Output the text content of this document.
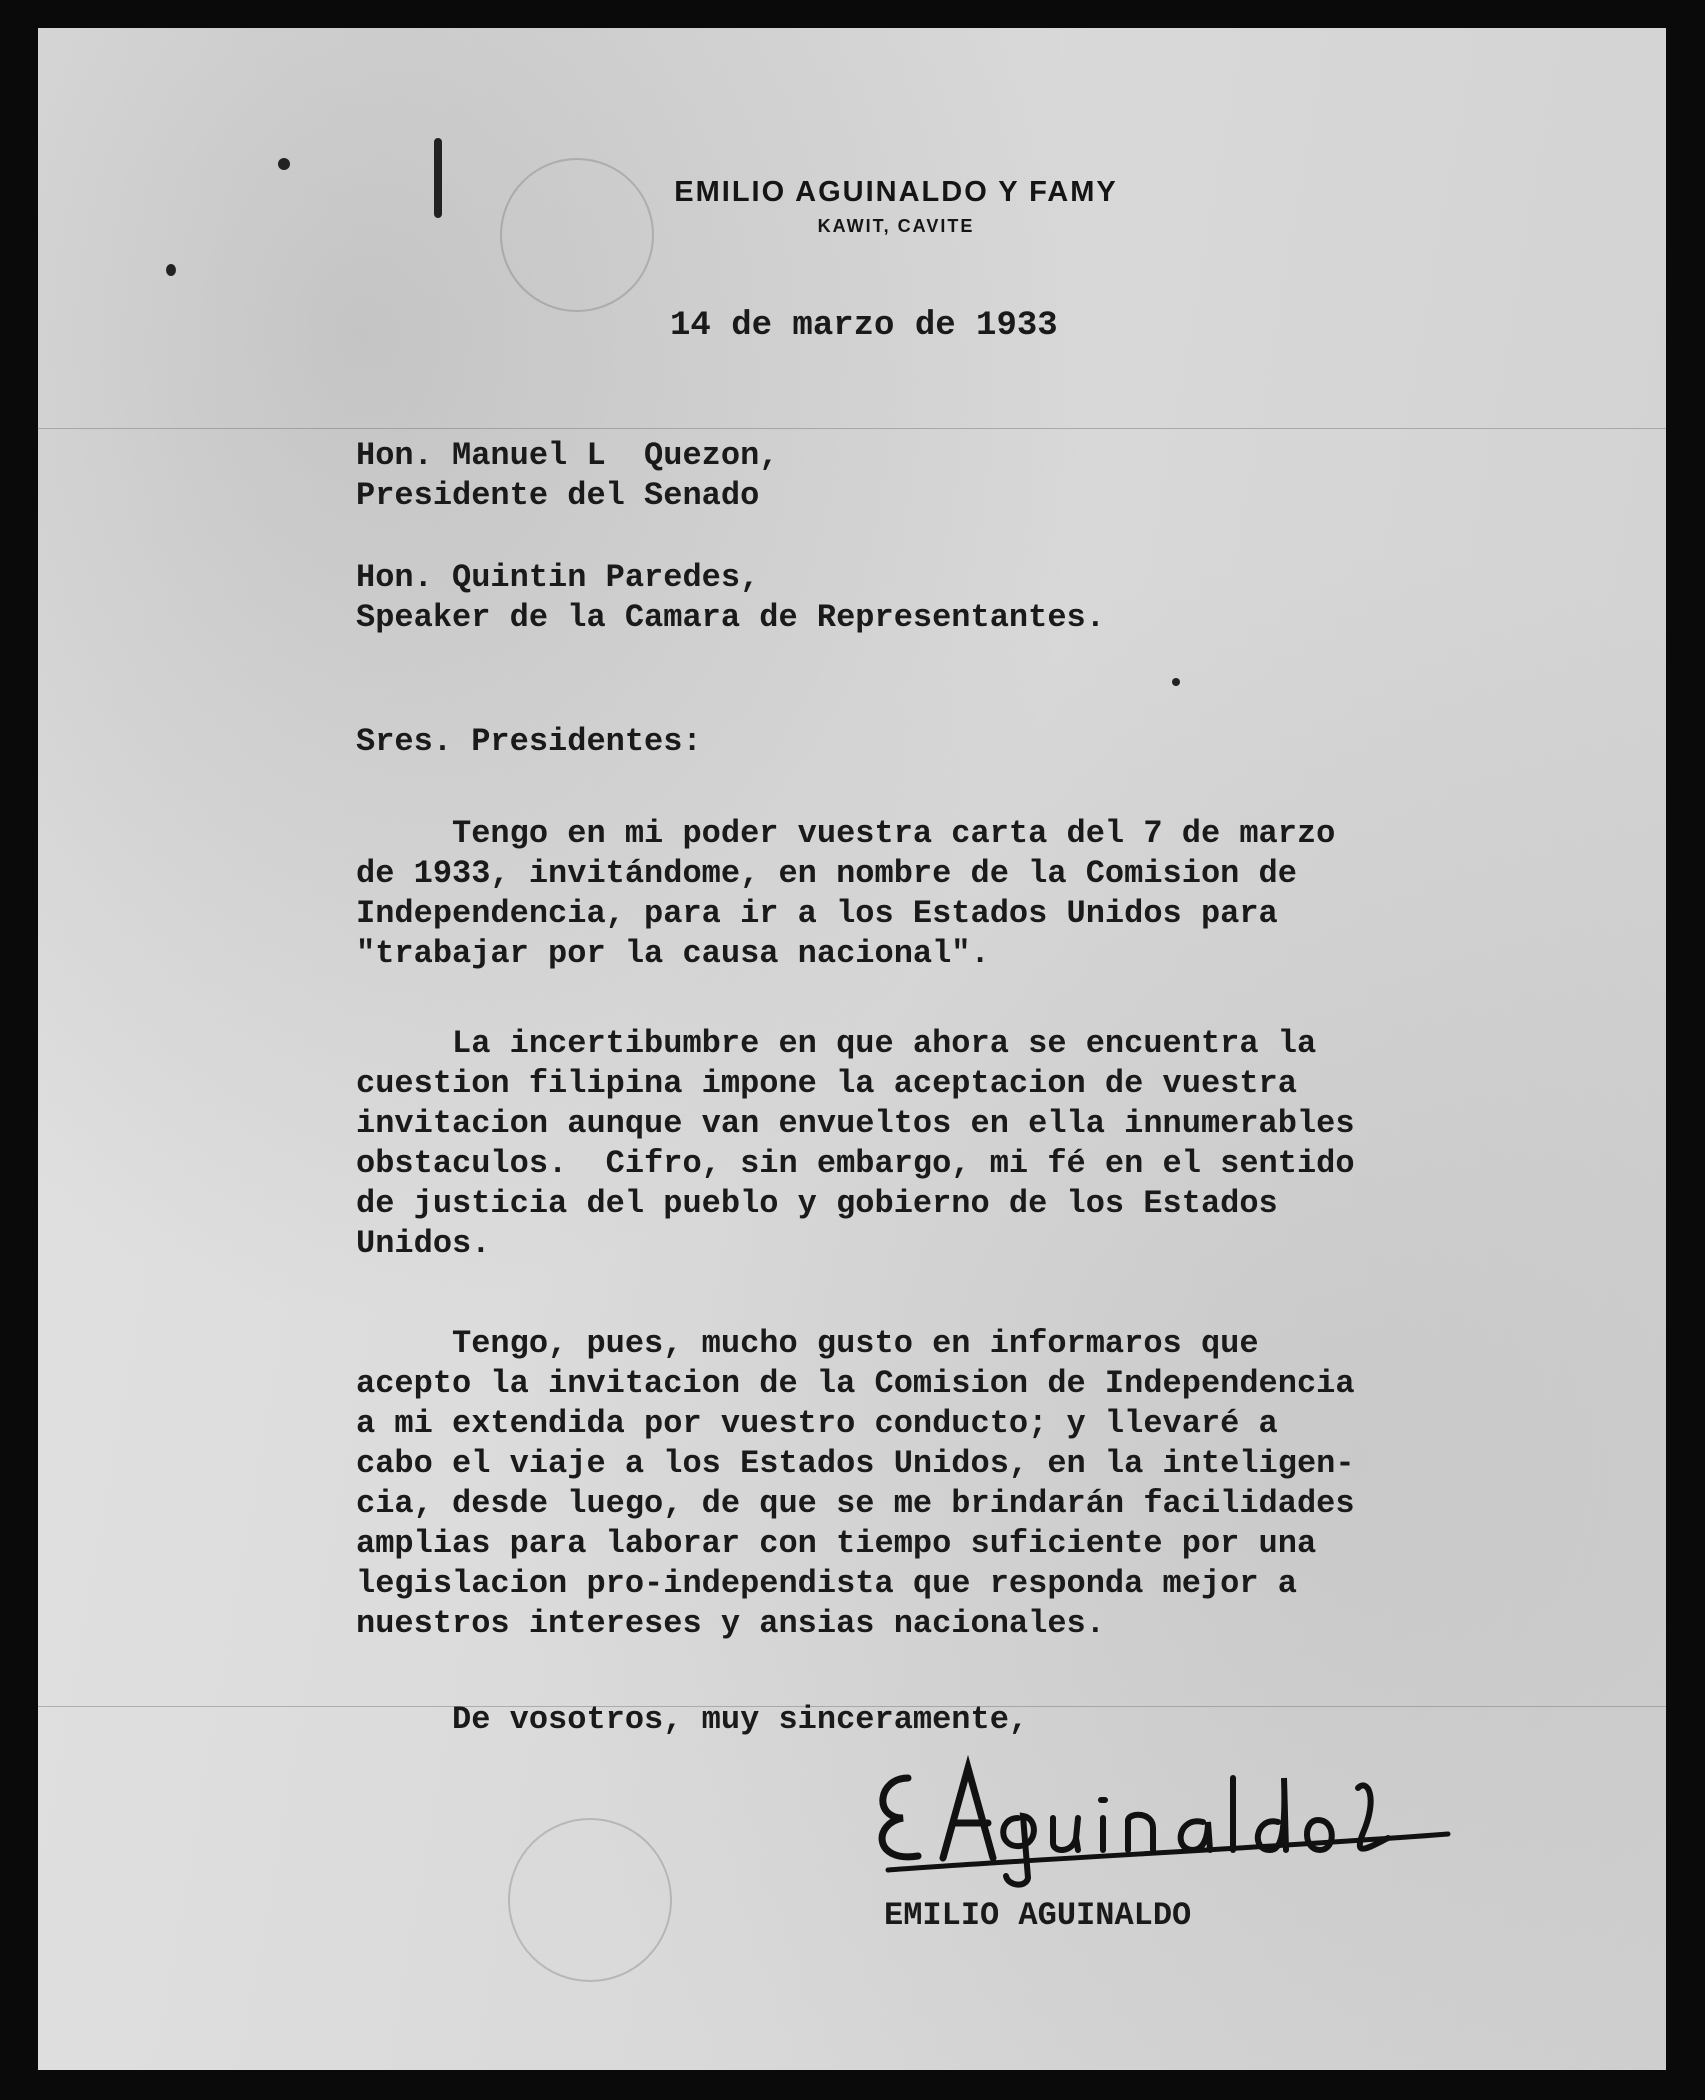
EMILIO AGUINALDO Y FAMY
KAWIT, CAVITE
14 de marzo de 1933
Hon. Manuel L  Quezon,
Presidente del Senado
Hon. Quintin Paredes,
Speaker de la Camara de Representantes.
Sres. Presidentes:
Tengo en mi poder vuestra carta del 7 de marzo
de 1933, invitándome, en nombre de la Comision de
Independencia, para ir a los Estados Unidos para
"trabajar por la causa nacional".
La incertibumbre en que ahora se encuentra la
cuestion filipina impone la aceptacion de vuestra
invitacion aunque van envueltos en ella innumerables
obstaculos.  Cifro, sin embargo, mi fé en el sentido
de justicia del pueblo y gobierno de los Estados
Unidos.
Tengo, pues, mucho gusto en informaros que
acepto la invitacion de la Comision de Independencia
a mi extendida por vuestro conducto; y llevaré a
cabo el viaje a los Estados Unidos, en la inteligen-
cia, desde luego, de que se me brindarán facilidades
amplias para laborar con tiempo suficiente por una
legislacion pro-independista que responda mejor a
nuestros intereses y ansias nacionales.
De vosotros, muy sinceramente,
EMILIO AGUINALDO
